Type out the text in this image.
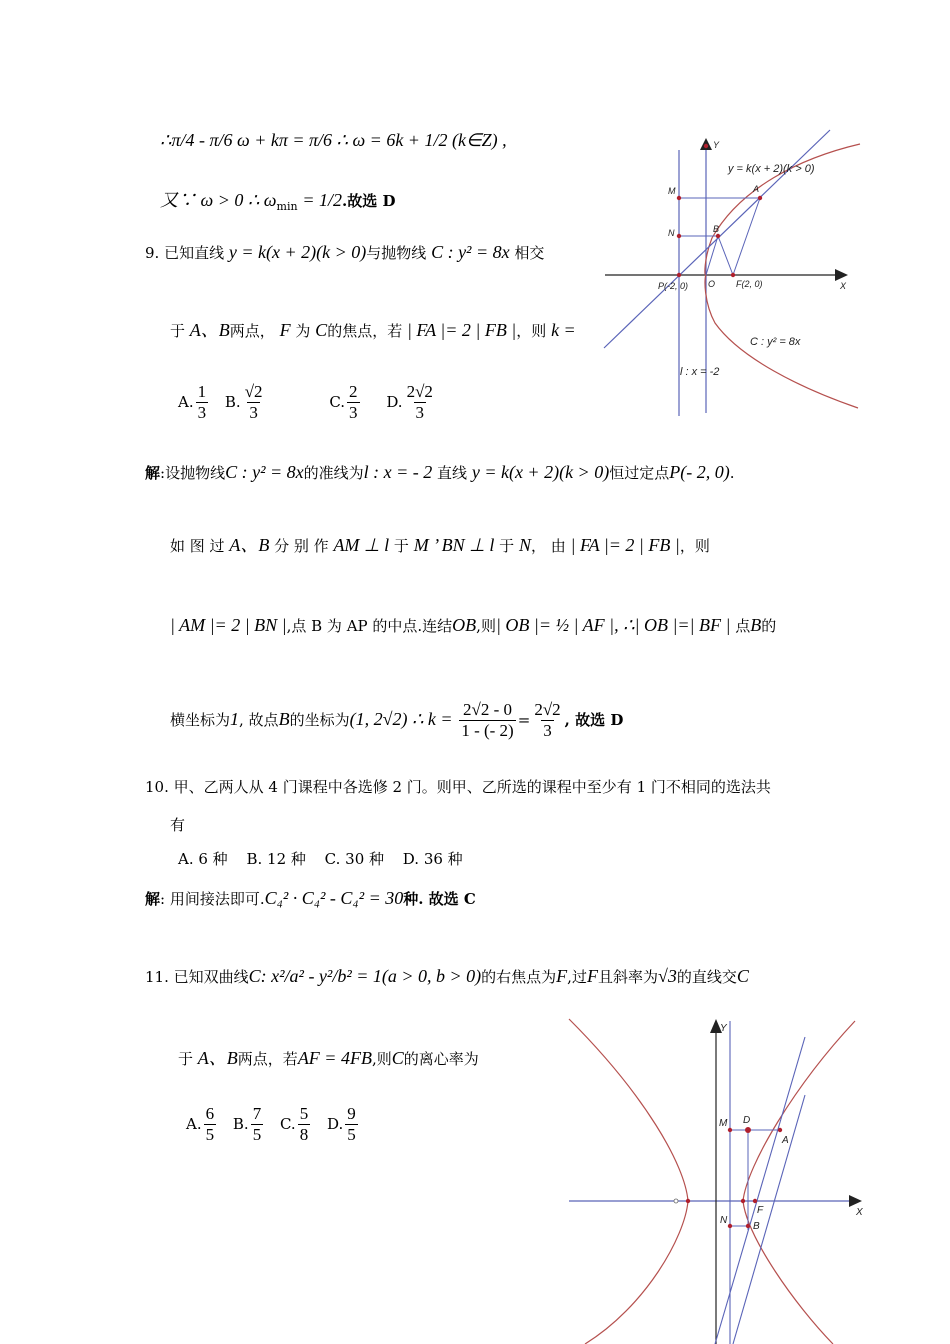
∴π/4 - π/6 ω + kπ = π/6 ∴ ω = 6k + 1/2 (k∈Z) ,
又∵ ω > 0 ∴ $\omega_{min} = 1/2$.故选 D
9. 已知直线 y = k(x + 2)(k > 0)与抛物线 C : y² = 8x 相交
于 A、B两点， F 为 C的焦点，若 | FA |= 2 | FB |，则 k =
A. $\frac{1}{3} B$. $\frac{√2}{3}$	C. $\frac{2}{3} D$. $\frac{2√2}{3}$
解:设抛物线C : y² = 8x的准线为l : x = - 2 直线 y = k(x + 2)(k > 0)恒过定点P(- 2, 0).
如 图 过 A、B 分 别 作 AM ⊥ l 于 M ’ BN ⊥ l 于 N， 由 | FA |= 2 | FB |，则
| AM |= 2 | BN |,点 B 为 AP 的中点.连结OB,则| OB |= ½ | AF |, ∴| OB |=| BF | 点B的
横坐标为1, 故点B的坐标为(1, 2√2) ∴ $k = \frac{2√2 - 0}{1 - (- 2)} = \frac{2√2}{3}$ , 故选 D
10. 甲、乙两人从 4 门课程中各选修 2 门。则甲、乙所选的课程中至少有 1 门不相同的选法共
有
A. 6 种 B. 12 种 C. 30 种 D. 36 种
解: 用间接法即可.C₄² · C₄² - C₄² = 30种. 故选 C
11. 已知双曲线C: x²/a² - y²/b² = 1(a > 0, b > 0)的右焦点为F,过F且斜率为√3的直线交C
于 A、B两点，若AF = 4FB,则C的离心率为
A. $\frac{6}{5} B$. $\frac{7}{5} C$. $\frac{5}{8} D$. $\frac{9}{5}$
Y
X
y = k(x + 2)(k > 0)
M	A
N	B
P(-2, 0) O F(2, 0)
C : y² = 8x
l : x = -2
Y
X
M D
A
F
N
B
